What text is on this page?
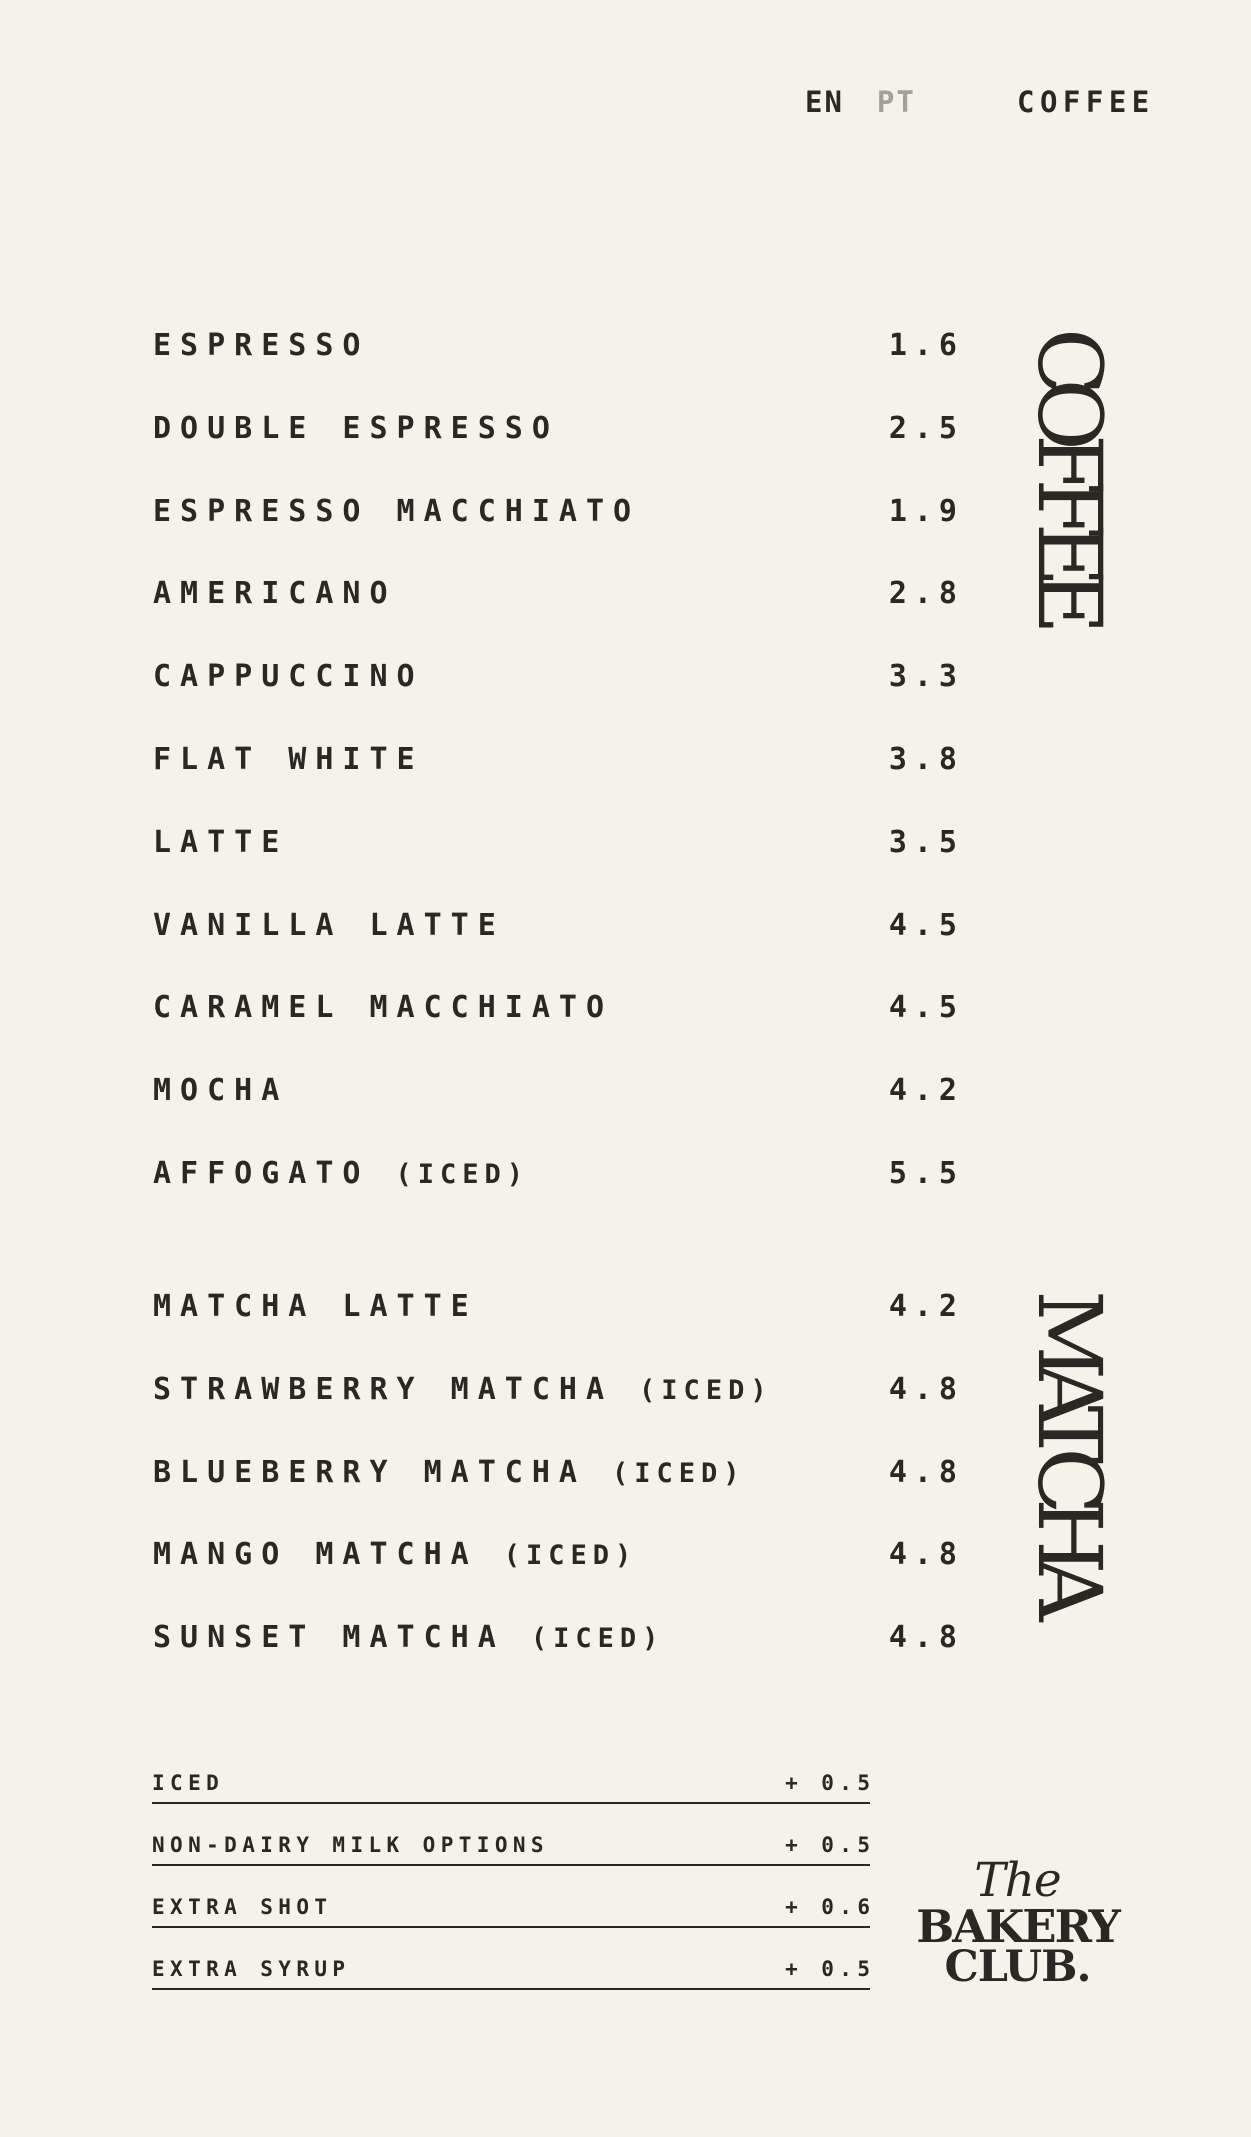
EN PT	COFFEE
ESPRESSO	1.6
DOUBLE ESPRESSO	2.5
ESPRESSO MACCHIATO	1.9
AMERICANO	2.8
CAPPUCCINO	3.3
FLAT WHITE	3.8
LATTE	3.5
VANILLA LATTE	4.5
CARAMEL MACCHIATO	4.5
MOCHA	4.2
AFFOGATO (ICED)	5.5
MATCHA LATTE	4.2
STRAWBERRY MATCHA (ICED)	4.8
BLUEBERRY MATCHA (ICED)	4.8
MANGO MATCHA (ICED)	4.8
SUNSET MATCHA (ICED)	4.8
COFFEE
MATCHA
ICED	+ 0.5
NON-DAIRY MILK OPTIONS	+ 0.5
EXTRA SHOT	+ 0.6
EXTRA SYRUP	+ 0.5
The
BAKERY
CLUB.
